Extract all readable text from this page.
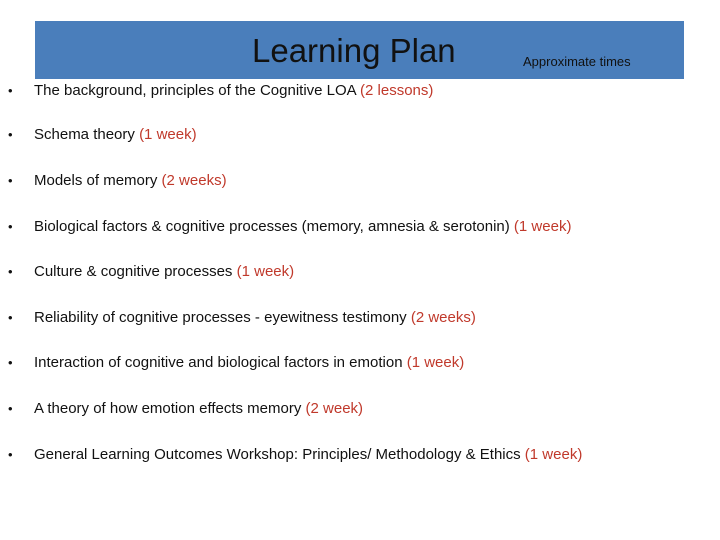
Learning Plan	Approximate times
• The background, principles of the Cognitive LOA (2 lessons)
• Schema theory (1 week)
• Models of memory (2 weeks)
• Biological factors & cognitive processes (memory, amnesia & serotonin) (1 week)
• Culture & cognitive processes (1 week)
• Reliability of cognitive processes - eyewitness testimony (2 weeks)
• Interaction of cognitive and biological factors in emotion (1 week)
• A theory of how emotion effects memory (2 week)
• General Learning Outcomes Workshop: Principles/ Methodology & Ethics (1 week)
